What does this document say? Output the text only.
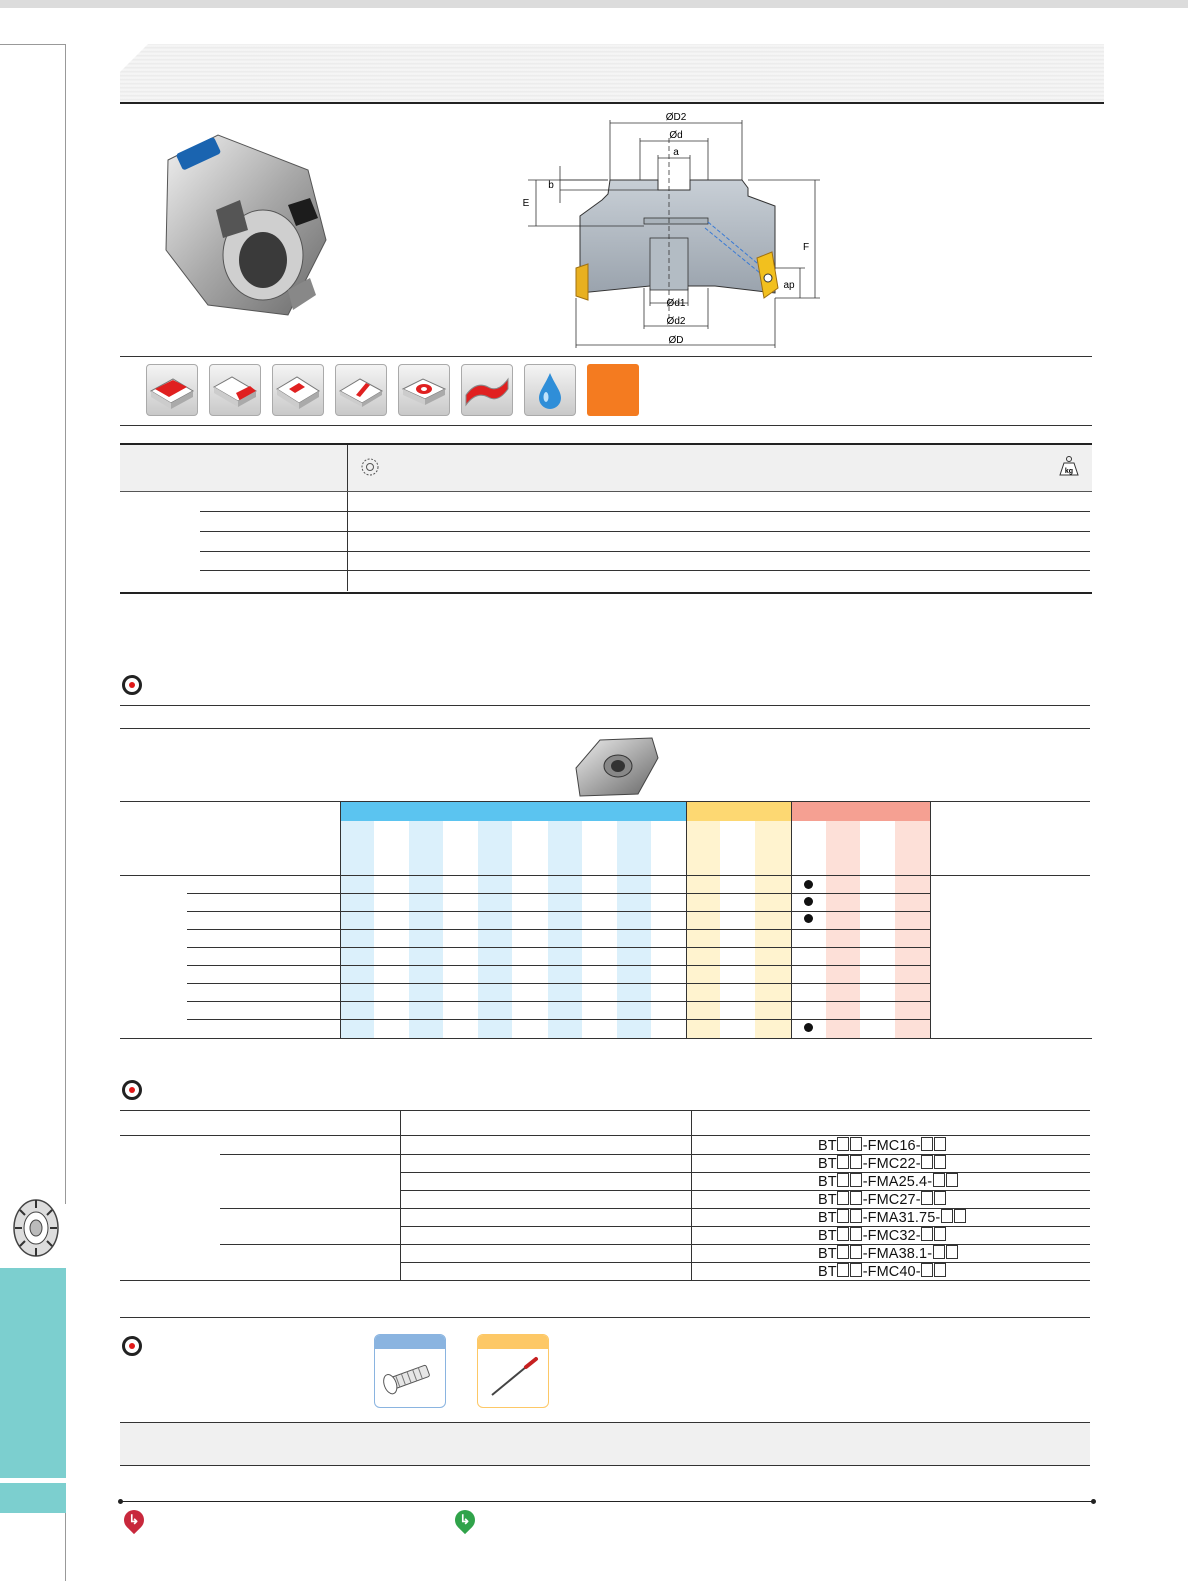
ØD2
Ød
a
b
E
F
ap
Ød1
Ød2
ØD
kg
BT -FMC16-
BT -FMC22-
BT -FMA25.4-
BT -FMC27-
BT -FMA31.75-
BT -FMC32-
BT -FMA38.1-
BT -FMC40-
↳	↳
